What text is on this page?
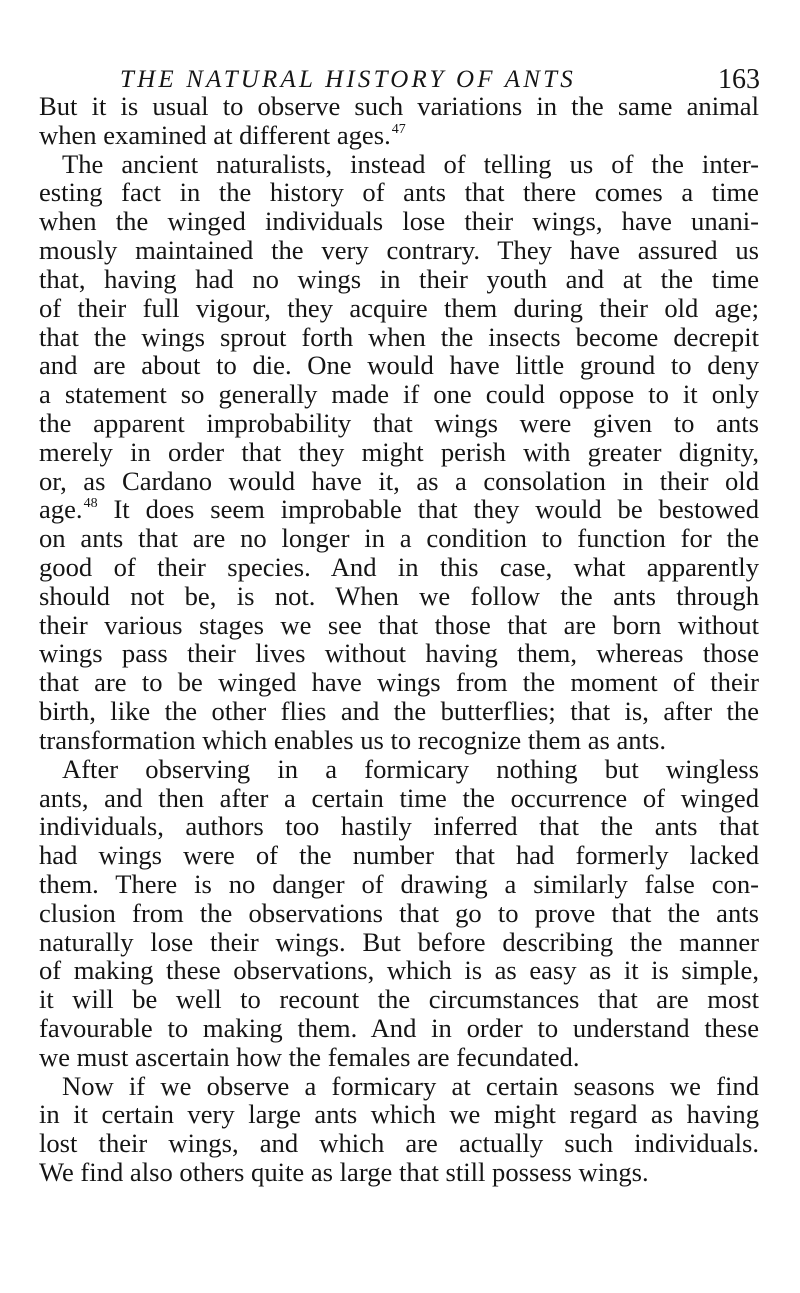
THE NATURAL HISTORY OF ANTS	163
But it is usual to observe such variations in the same animal
when examined at different ages.$^{47}$
The ancient naturalists, instead of telling us of the inter-
esting fact in the history of ants that there comes a time
when the winged individuals lose their wings, have unani-
mously maintained the very contrary. They have assured us
that, having had no wings in their youth and at the time
of their full vigour, they acquire them during their old age;
that the wings sprout forth when the insects become decrepit
and are about to die. One would have little ground to deny
a statement so generally made if one could oppose to it only
the apparent improbability that wings were given to ants
merely in order that they might perish with greater dignity,
or, as Cardano would have it, as a consolation in their old
age.$^{48}$ It does seem improbable that they would be bestowed
on ants that are no longer in a condition to function for the
good of their species. And in this case, what apparently
should not be, is not. When we follow the ants through
their various stages we see that those that are born without
wings pass their lives without having them, whereas those
that are to be winged have wings from the moment of their
birth, like the other flies and the butterflies; that is, after the
transformation which enables us to recognize them as ants.
After observing in a formicary nothing but wingless
ants, and then after a certain time the occurrence of winged
individuals, authors too hastily inferred that the ants that
had wings were of the number that had formerly lacked
them. There is no danger of drawing a similarly false con-
clusion from the observations that go to prove that the ants
naturally lose their wings. But before describing the manner
of making these observations, which is as easy as it is simple,
it will be well to recount the circumstances that are most
favourable to making them. And in order to understand these
we must ascertain how the females are fecundated.
Now if we observe a formicary at certain seasons we find
in it certain very large ants which we might regard as having
lost their wings, and which are actually such individuals.
We find also others quite as large that still possess wings.
